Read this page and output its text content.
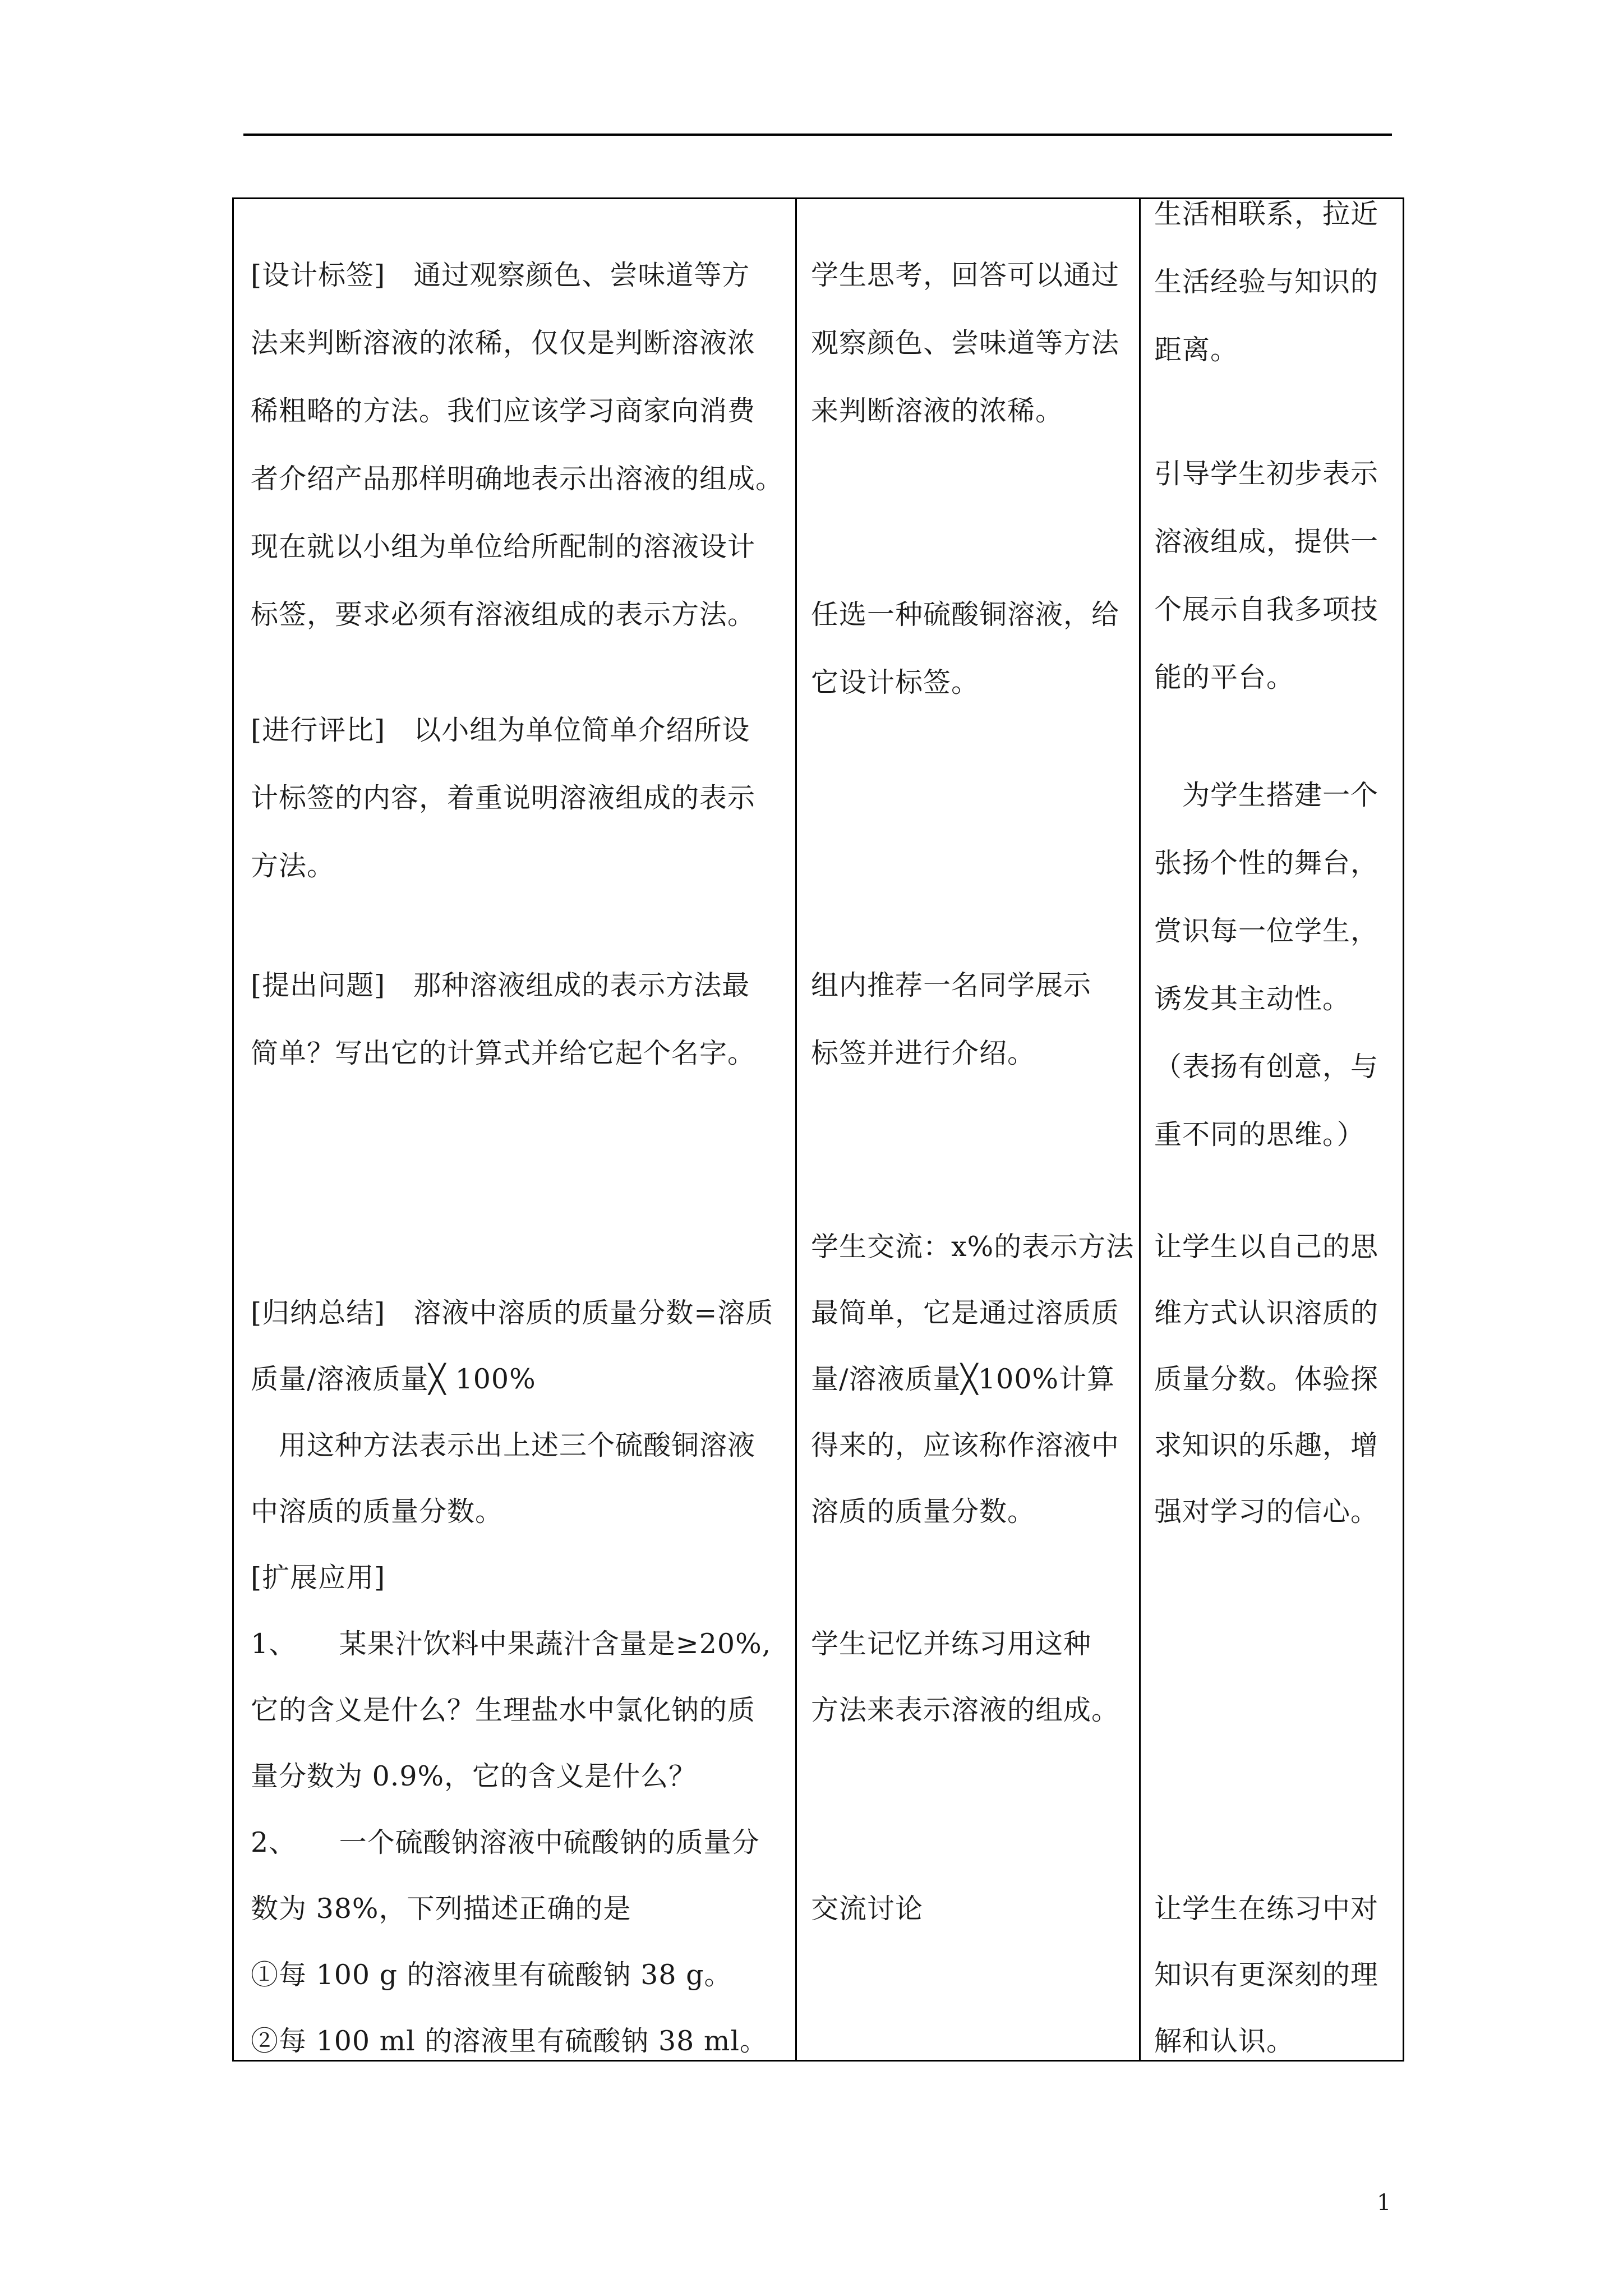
[设计标签]　通过观察颜色、尝味道等方
法来判断溶液的浓稀，仅仅是判断溶液浓
稀粗略的方法。我们应该学习商家向消费
者介绍产品那样明确地表示出溶液的组成。
现在就以小组为单位给所配制的溶液设计
标签，要求必须有溶液组成的表示方法。
[进行评比]　以小组为单位简单介绍所设
计标签的内容，着重说明溶液组成的表示
方法。
[提出问题]　那种溶液组成的表示方法最
简单？写出它的计算式并给它起个名字。
[归纳总结]　溶液中溶质的质量分数=溶质
质量/溶液质量╳ 100%
　用这种方法表示出上述三个硫酸铜溶液
中溶质的质量分数。
[扩展应用]
1、　　某果汁饮料中果蔬汁含量是≥20%,
它的含义是什么？生理盐水中氯化钠的质
量分数为 0.9%，它的含义是什么？
2、　　一个硫酸钠溶液中硫酸钠的质量分
数为 38%，下列描述正确的是
①每 100 g 的溶液里有硫酸钠 38 g。
②每 100 ml 的溶液里有硫酸钠 38 ml。
学生思考，回答可以通过
观察颜色、尝味道等方法
来判断溶液的浓稀。
任选一种硫酸铜溶液，给
它设计标签。
组内推荐一名同学展示
标签并进行介绍。
学生交流：x%的表示方法
最简单，它是通过溶质质
量/溶液质量╳100%计算
得来的，应该称作溶液中
溶质的质量分数。
学生记忆并练习用这种
方法来表示溶液的组成。
交流讨论
生活相联系，拉近
生活经验与知识的
距离。
引导学生初步表示
溶液组成，提供一
个展示自我多项技
能的平台。
　为学生搭建一个
张扬个性的舞台，
赏识每一位学生，
诱发其主动性。
（表扬有创意，与
重不同的思维。）
让学生以自己的思
维方式认识溶质的
质量分数。体验探
求知识的乐趣，增
强对学习的信心。
让学生在练习中对
知识有更深刻的理
解和认识。
1
